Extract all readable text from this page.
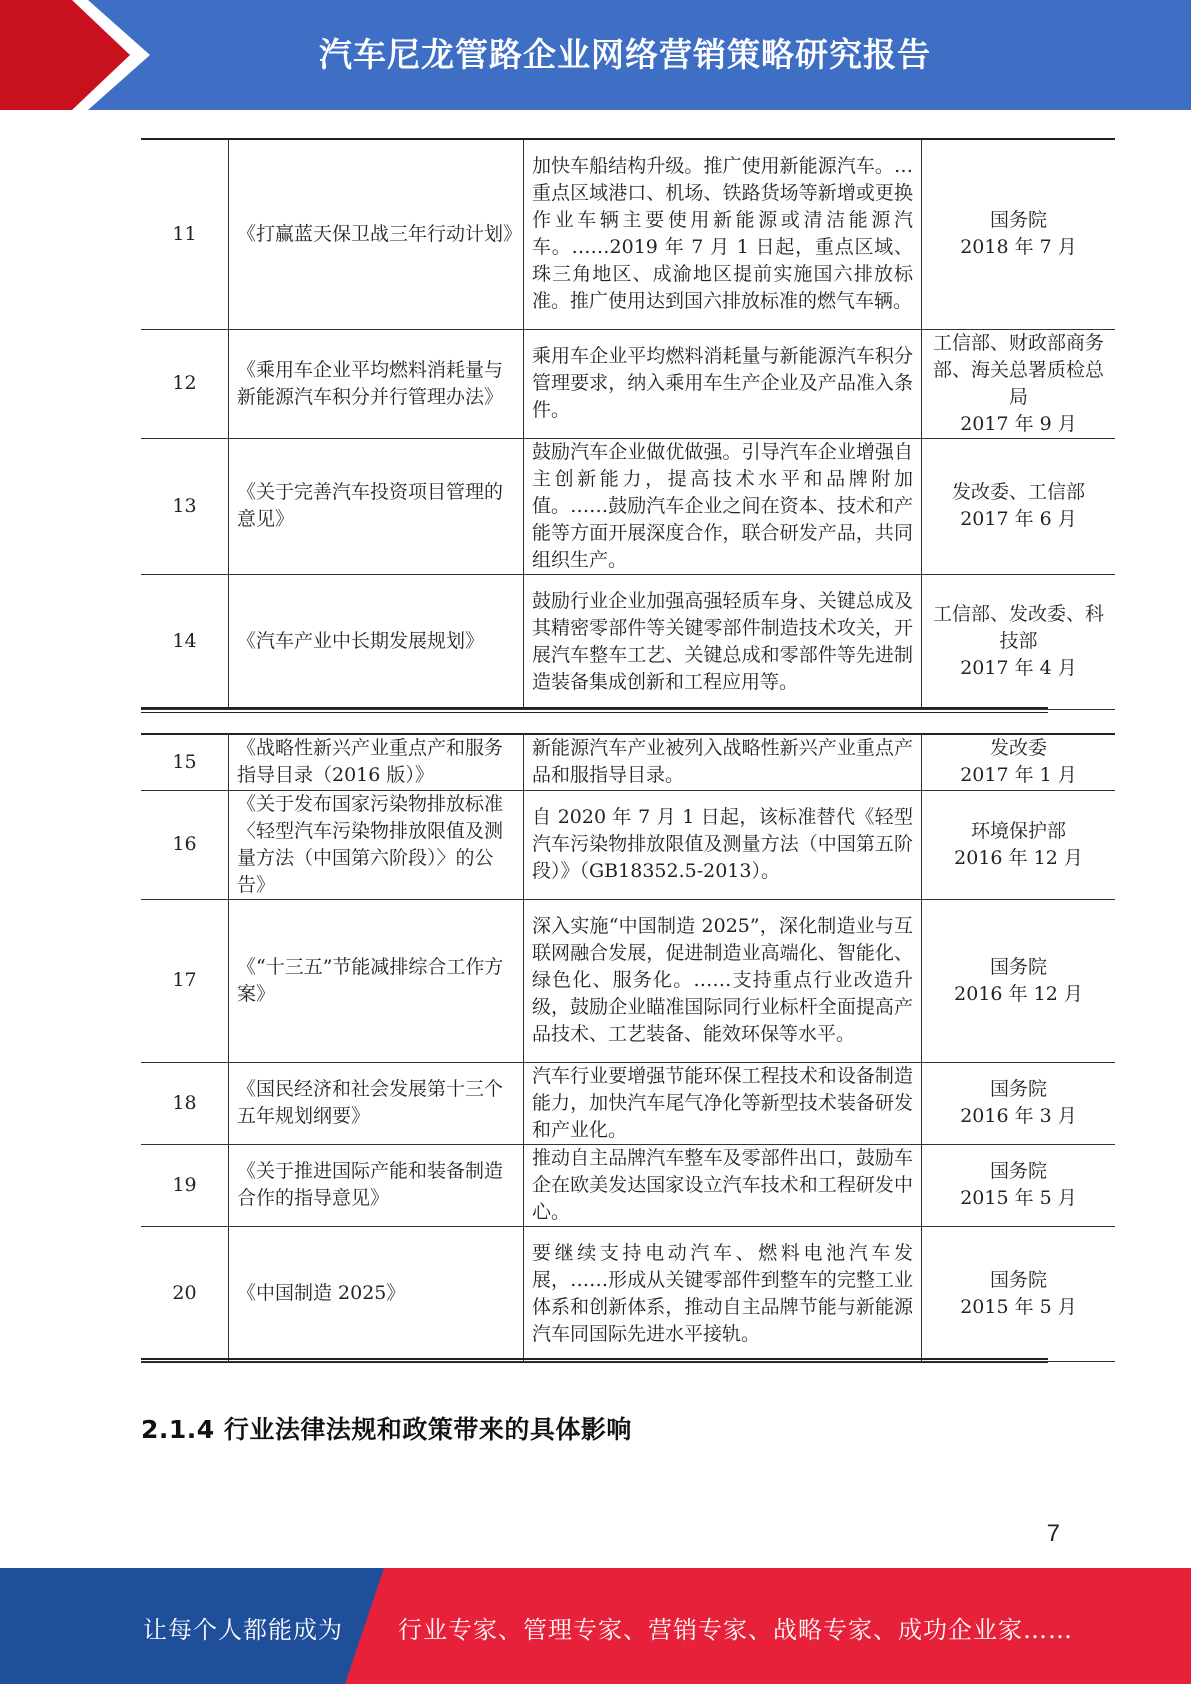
汽车尼龙管路企业网络营销策略研究报告
11	《打赢蓝天保卫战三年行动计划》	加快车船结构升级。推广使用新能源汽车。…重点区域港口、机场、铁路货场等新增或更换作业车辆主要使用新能源或清洁能源汽车。……2019 年 7 月 1 日起，重点区域、珠三角地区、成渝地区提前实施国六排放标准。推广使用达到国六排放标准的燃气车辆。	国务院
2018 年 7 月

12	《乘用车企业平均燃料消耗量与新能源汽车积分并行管理办法》	乘用车企业平均燃料消耗量与新能源汽车积分管理要求，纳入乘用车生产企业及产品准入条件。	工信部、财政部商务部、海关总署质检总局
2017 年 9 月

13	《关于完善汽车投资项目管理的意见》	鼓励汽车企业做优做强。引导汽车企业增强自主创新能力，提高技术水平和品牌附加值。……鼓励汽车企业之间在资本、技术和产能等方面开展深度合作，联合研发产品，共同组织生产。	发改委、工信部
2017 年 6 月

14	《汽车产业中长期发展规划》	鼓励行业企业加强高强轻质车身、关键总成及其精密零部件等关键零部件制造技术攻关，开展汽车整车工艺、关键总成和零部件等先进制造装备集成创新和工程应用等。	工信部、发改委、科技部
2017 年 4 月
15	《战略性新兴产业重点产和服务指导目录（2016 版）》	新能源汽车产业被列入战略性新兴产业重点产品和服指导目录。	发改委
2017 年 1 月

16	《关于发布国家污染物排放标准〈轻型汽车污染物排放限值及测量方法（中国第六阶段）〉的公告》	自 2020 年 7 月 1 日起，该标准替代《轻型汽车污染物排放限值及测量方法（中国第五阶段）》（GB18352.5-2013）。	环境保护部
2016 年 12 月

17	《“十三五”节能减排综合工作方案》	深入实施“中国制造 2025”，深化制造业与互联网融合发展，促进制造业高端化、智能化、绿色化、服务化。……支持重点行业改造升级，鼓励企业瞄准国际同行业标杆全面提高产品技术、工艺装备、能效环保等水平。	国务院
2016 年 12 月

18	《国民经济和社会发展第十三个五年规划纲要》	汽车行业要增强节能环保工程技术和设备制造能力，加快汽车尾气净化等新型技术装备研发和产业化。	国务院
2016 年 3 月

19	《关于推进国际产能和装备制造合作的指导意见》	推动自主品牌汽车整车及零部件出口，鼓励车企在欧美发达国家设立汽车技术和工程研发中心。	国务院
2015 年 5 月

20	《中国制造 2025》	要继续支持电动汽车、燃料电池汽车发展，……形成从关键零部件到整车的完整工业体系和创新体系，推动自主品牌节能与新能源汽车同国际先进水平接轨。	国务院
2015 年 5 月
2.1.4 行业法律法规和政策带来的具体影响
7
让每个人都能成为 行业专家、管理专家、营销专家、战略专家、成功企业家……
